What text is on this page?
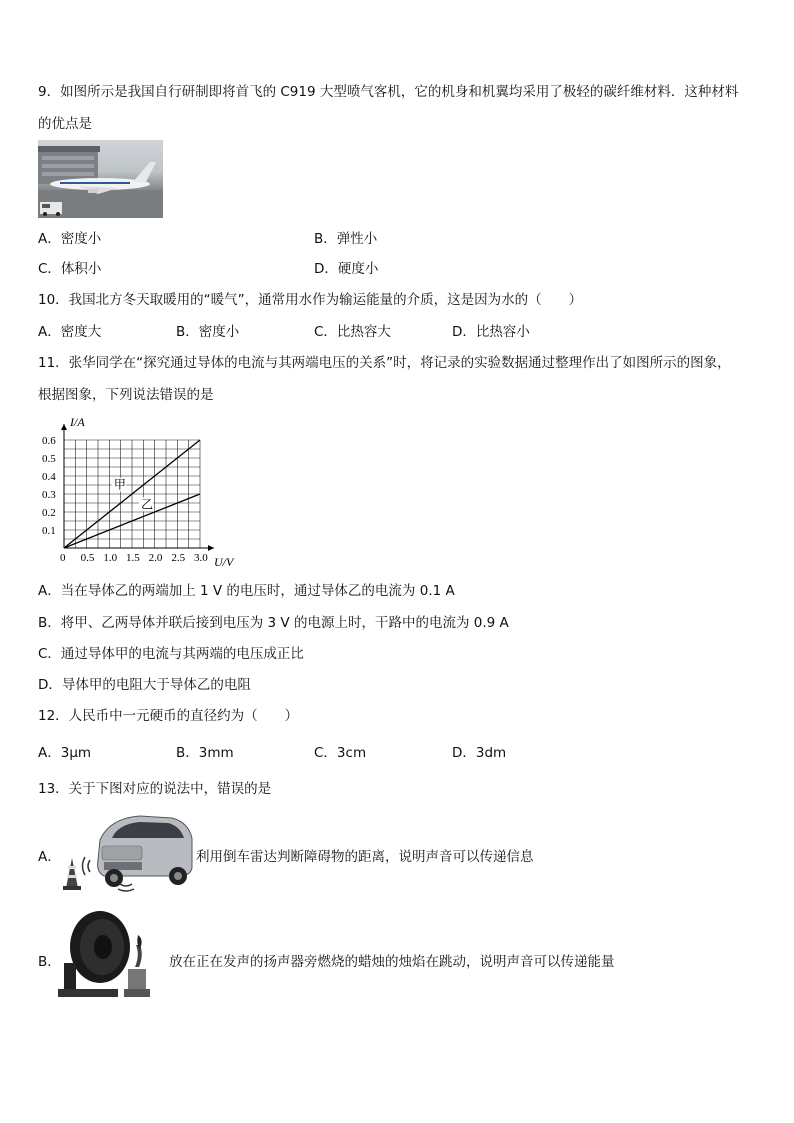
9．如图所示是我国自行研制即将首飞的 C919 大型喷气客机，它的机身和机翼均采用了极轻的碳纤维材料．这种材料
的优点是
A．密度小	B．弹性小
C．体积小	D．硬度小
10．我国北方冬天取暖用的“暖气”，通常用水作为输运能量的介质，这是因为水的（　　）
A．密度大	B．密度小	C．比热容大	D．比热容小
11．张华同学在“探究通过导体的电流与其两端电压的关系”时，将记录的实验数据通过整理作出了如图所示的图象，
根据图象，下列说法错误的是
0 0.5 1.0 1.5 2.0 2.5 3.0
0.1
0.2
0.3
0.4
0.5
0.6
I/A
U/V
甲
乙
A．当在导体乙的两端加上 1 V 的电压时，通过导体乙的电流为 0.1 A
B．将甲、乙两导体并联后接到电压为 3 V 的电源上时，干路中的电流为 0.9 A
C．通过导体甲的电流与其两端的电压成正比
D．导体甲的电阻大于导体乙的电阻
12．人民币中一元硬币的直径约为（　　）
A．3μm	B．3mm	C．3cm	D．3dm
13．关于下图对应的说法中，错误的是
A．	利用倒车雷达判断障碍物的距离，说明声音可以传递信息
B．	放在正在发声的扬声器旁燃烧的蜡烛的烛焰在跳动，说明声音可以传递能量
